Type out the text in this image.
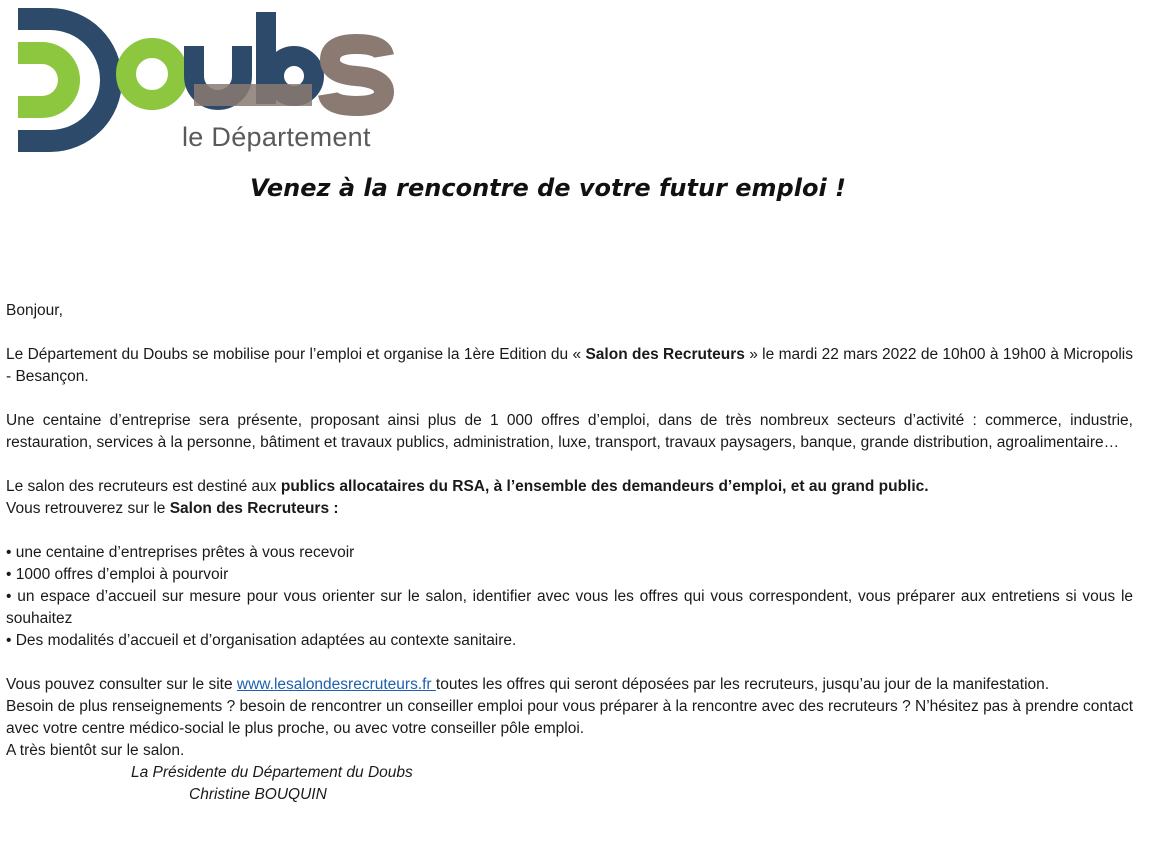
le Département
Venez à la rencontre de votre futur emploi !

Bonjour,

Le Département du Doubs se mobilise pour l’emploi et organise la 1ère Edition du « Salon des Recruteurs » le mardi 22 mars 2022 de 10h00 à 19h00 à Micropolis - Besançon.

Une centaine d’entreprise sera présente, proposant ainsi plus de 1 000 offres d’emploi, dans de très nombreux secteurs d’activité : commerce, industrie, restauration, services à la personne, bâtiment et travaux publics, administration, luxe, transport, travaux paysagers, banque, grande distribution, agroalimentaire…

Le salon des recruteurs est destiné aux publics allocataires du RSA, à l’ensemble des demandeurs d’emploi, et au grand public.

Vous retrouverez sur le Salon des Recruteurs :

• une centaine d’entreprises prêtes à vous recevoir

• 1000 offres d’emploi à pourvoir

• un espace d’accueil sur mesure pour vous orienter sur le salon, identifier avec vous les offres qui vous correspondent, vous préparer aux entretiens si vous le souhaitez

• Des modalités d’accueil et d’organisation adaptées au contexte sanitaire.

Vous pouvez consulter sur le site www.lesalondesrecruteurs.fr toutes les offres qui seront déposées par les recruteurs, jusqu’au jour de la manifestation.

Besoin de plus renseignements ? besoin de rencontrer un conseiller emploi pour vous préparer à la rencontre avec des recruteurs ? N’hésitez pas à prendre contact avec votre centre médico-social le plus proche, ou avec votre conseiller pôle emploi.

A très bientôt sur le salon.

La Présidente du Département du Doubs

Christine BOUQUIN
